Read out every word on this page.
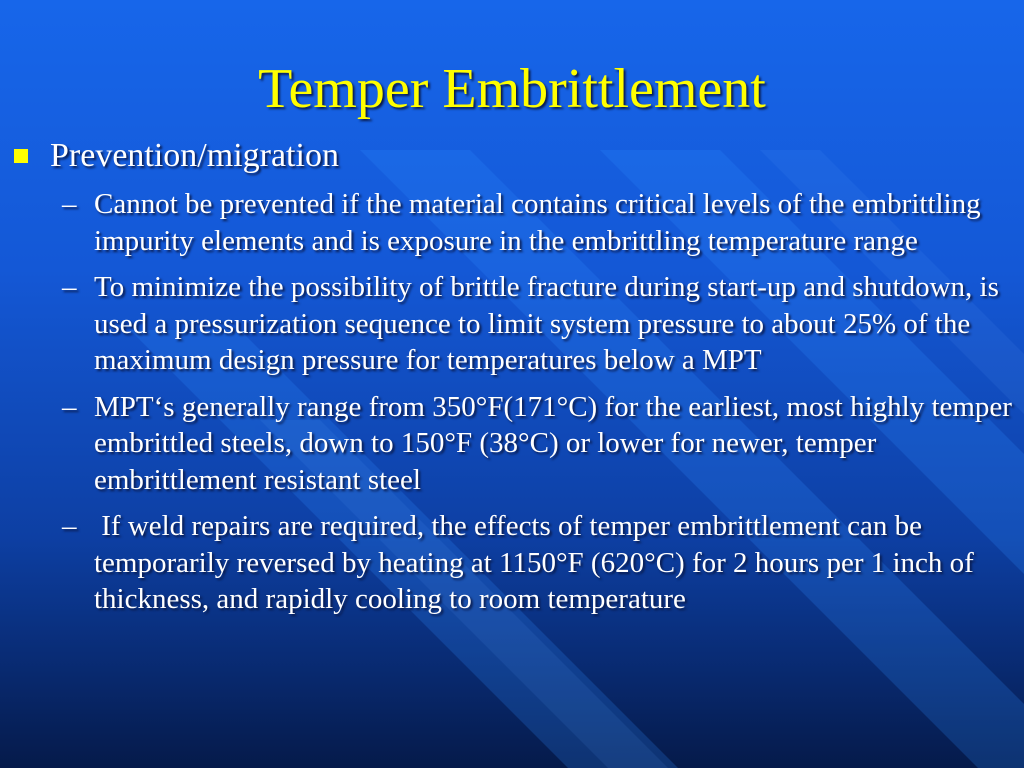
Temper Embrittlement
Prevention/migration
– Cannot be prevented if the material contains critical levels of the embrittling impurity elements and is exposure in the embrittling temperature range
– To minimize the possibility of brittle fracture during start-up and shutdown, is used a pressurization sequence to limit system pressure to about 25% of the maximum design pressure for temperatures below a MPT
– MPT‘s generally range from 350°F(171°C) for the earliest, most highly temper embrittled steels, down to 150°F (38°C) or lower for newer, temper embrittlement resistant steel
– If weld repairs are required, the effects of temper embrittlement can be temporarily reversed by heating at 1150°F (620°C) for 2 hours per 1 inch of thickness, and rapidly cooling to room temperature
